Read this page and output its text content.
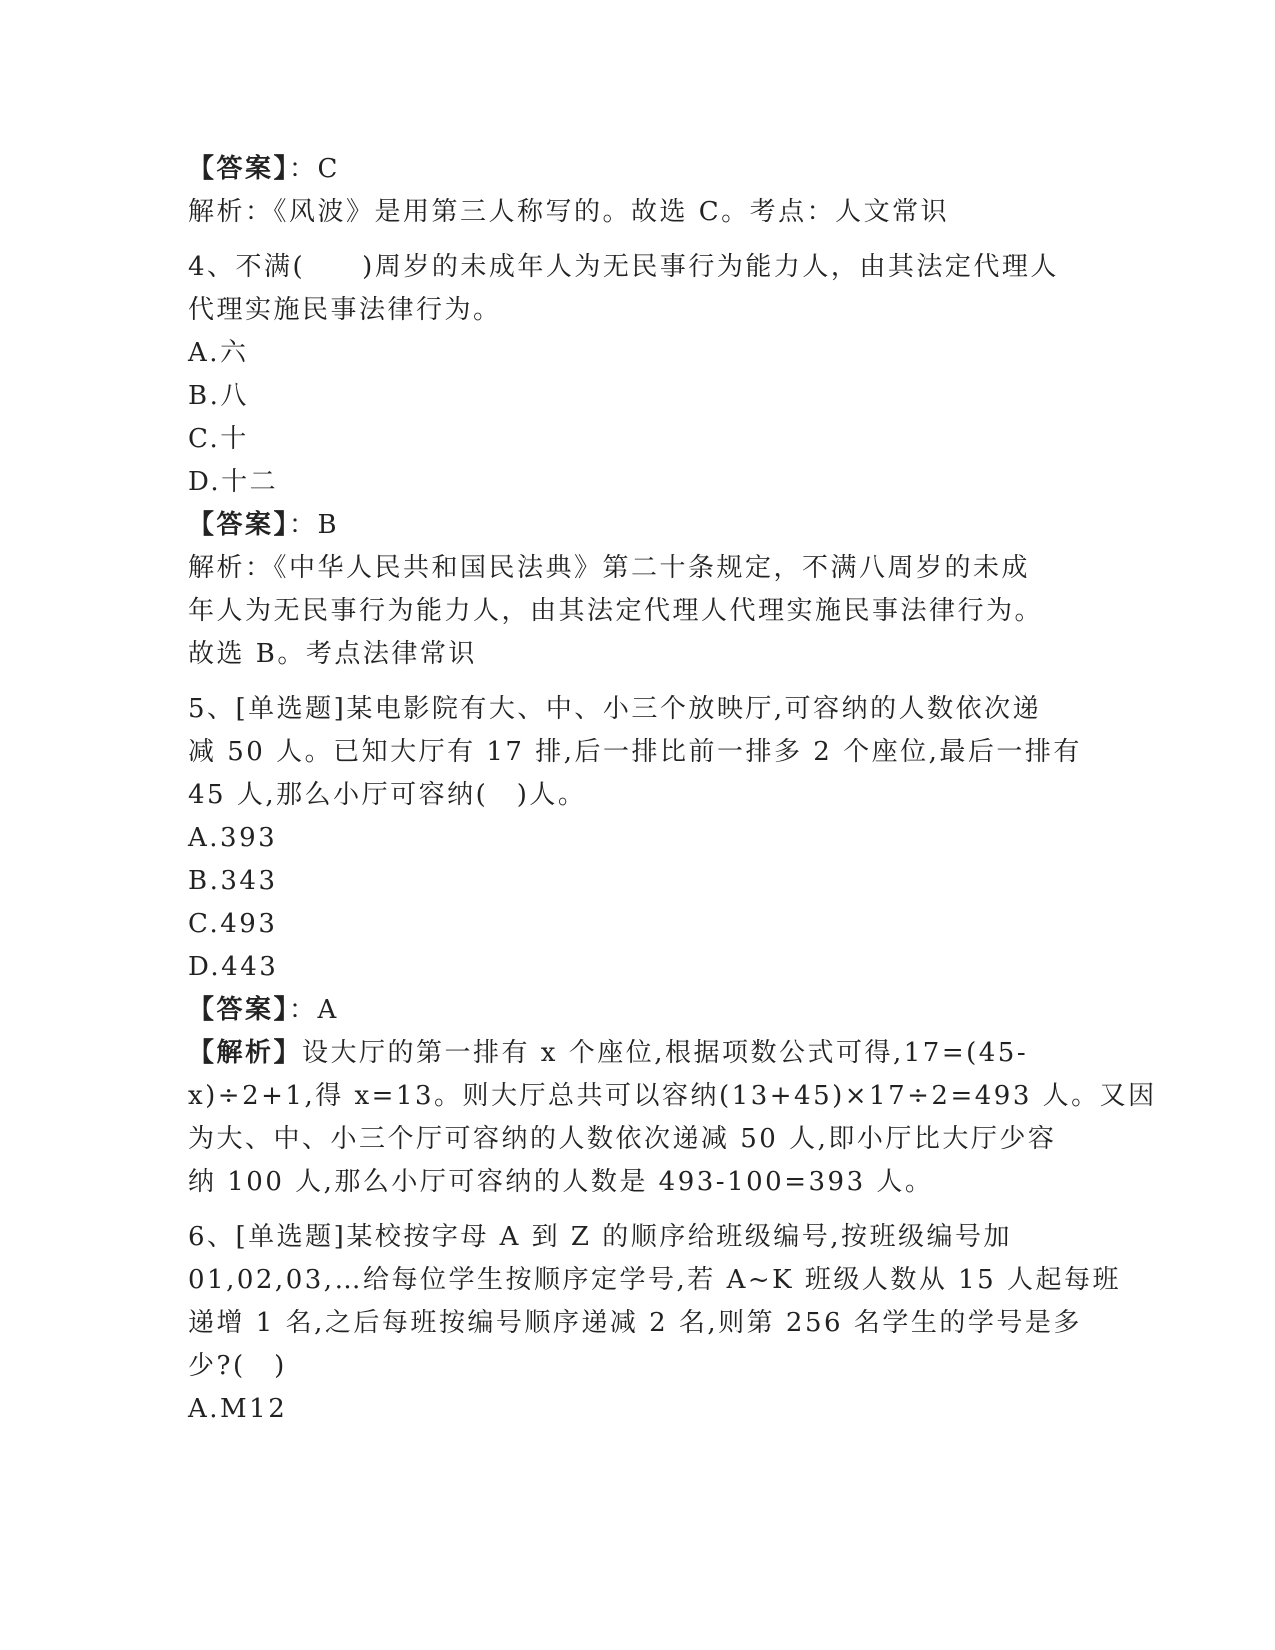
【答案】：C
解析：《风波》是用第三人称写的。故选 C。考点：人文常识
4、不满(　　)周岁的未成年人为无民事行为能力人，由其法定代理人
代理实施民事法律行为。
A.六
B.八
C.十
D.十二
【答案】：B
解析：《中华人民共和国民法典》第二十条规定，不满八周岁的未成
年人为无民事行为能力人，由其法定代理人代理实施民事法律行为。
故选 B。考点法律常识
5、[单选题]某电影院有大、中、小三个放映厅,可容纳的人数依次递
减 50 人。已知大厅有 17 排,后一排比前一排多 2 个座位,最后一排有
45 人,那么小厅可容纳(　)人。
A.393
B.343
C.493
D.443
【答案】：A
【解析】设大厅的第一排有 x 个座位,根据项数公式可得,17=(45-
x)÷2+1,得 x=13。则大厅总共可以容纳(13+45)×17÷2=493 人。又因
为大、中、小三个厅可容纳的人数依次递减 50 人,即小厅比大厅少容
纳 100 人,那么小厅可容纳的人数是 493-100=393 人。
6、[单选题]某校按字母 A 到 Z 的顺序给班级编号,按班级编号加
01,02,03,…给每位学生按顺序定学号,若 A~K 班级人数从 15 人起每班
递增 1 名,之后每班按编号顺序递减 2 名,则第 256 名学生的学号是多
少?(　)
A.M12
